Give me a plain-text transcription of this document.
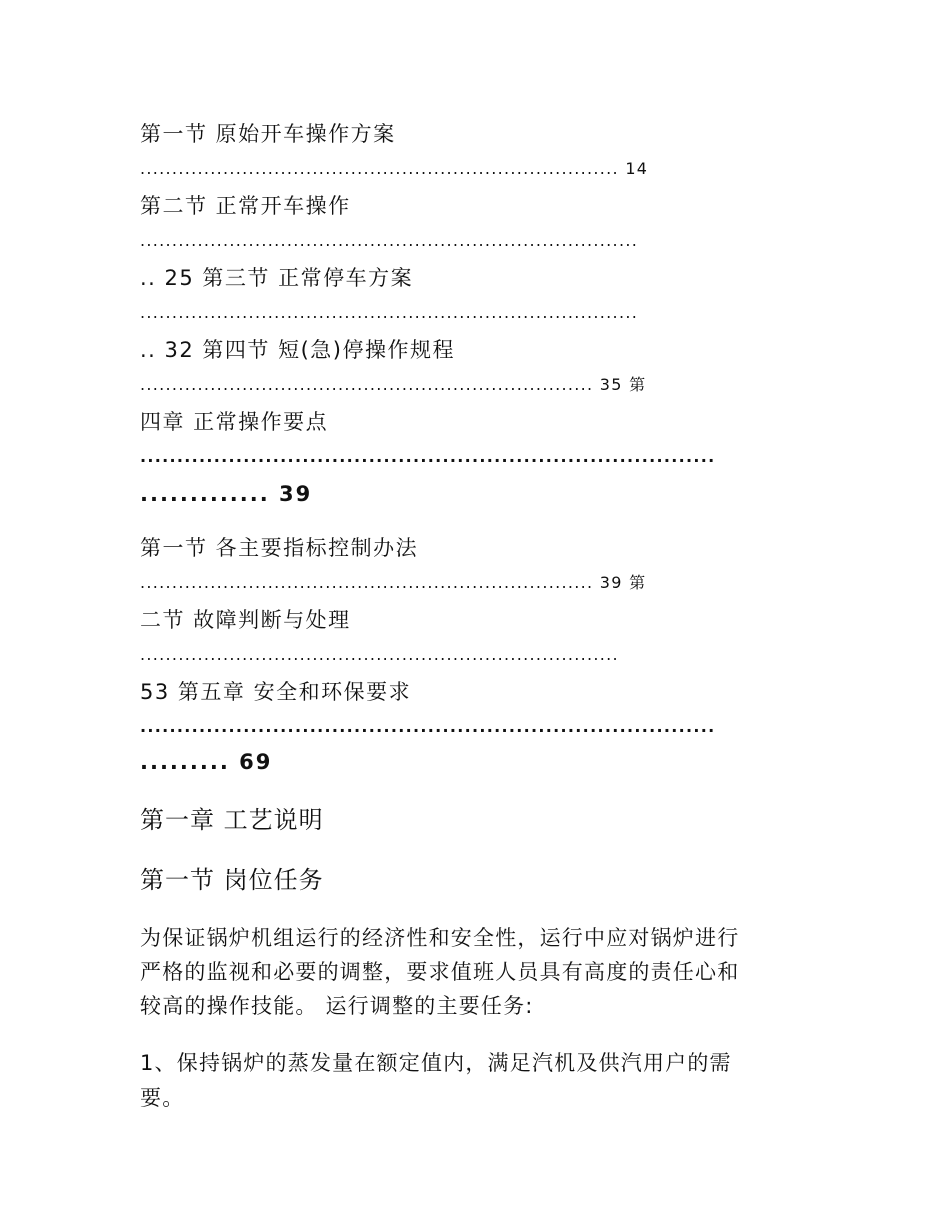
第一节 原始开车操作方案
........................................................................... 14
第二节 正常开车操作
..............................................................................
.. 25 第三节 正常停车方案
..............................................................................
.. 32 第四节 短(急)停操作规程
....................................................................... 35 第
四章 正常操作要点
..............................................................................
............. 39
第一节 各主要指标控制办法
....................................................................... 39 第
二节 故障判断与处理
...........................................................................
53 第五章 安全和环保要求
..............................................................................
......... 69
第一章 工艺说明
第一节 岗位任务
为保证锅炉机组运行的经济性和安全性，运行中应对锅炉进行
严格的监视和必要的调整，要求值班人员具有高度的责任心和
较高的操作技能。 运行调整的主要任务:
1、保持锅炉的蒸发量在额定值内，满足汽机及供汽用户的需
要。
